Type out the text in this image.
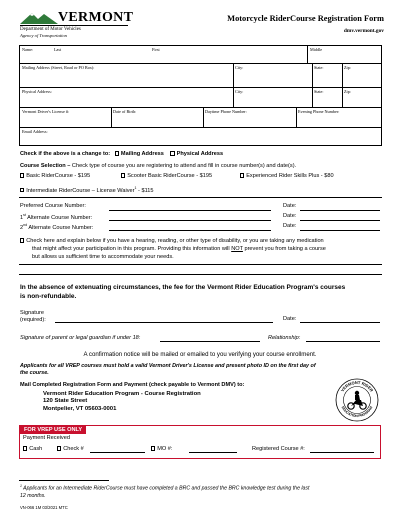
VERMONT
Department of Motor Vehicles
Agency of Transportation
Motorcycle RiderCourse Registration Form
dmv.vermont.gov
Name:	Last	First	Middle
Mailing Address (Street, Road or PO Box):	City:	State:	Zip:
Physical Address:	City:	State:	Zip:
Vermont Driver's License #:	Date of Birth:	Daytime Phone Number:	Evening Phone Number:
Email Address:
Check if the above is a change to: Mailing Address Physical Address
Course Selection – Check type of course you are registering to attend and fill in course number(s) and date(s).
Basic RiderCourse - $195	Scooter Basic RiderCourse - $195	Experienced Rider Skills Plus - $80
Intermediate RiderCourse – License Waiver$^1$ - $115
Preferred Course Number:	Date:
1st Alternate Course Number:	Date:
2nd Alternate Course Number:	Date:
Check here and explain below if you have a hearing, reading, or other type of disability, or you are taking any medication
that might affect your participation in this program. Providing this information will NOT prevent you from taking a course
but allows us sufficient time to accommodate your needs.
In the absence of extenuating circumstances, the fee for the Vermont Rider Education Program's courses
is non-refundable.
Signature
(required):	Date:
Signature of parent or legal guardian if under 18:	Relationship:
A confirmation notice will be mailed or emailed to you verifying your course enrollment.
Applicants for all VREP courses must hold a valid Vermont Driver's License and present photo ID on the first day of
the course.
Mail Completed Registration Form and Payment (check payable to Vermont DMV) to:
Vermont Rider Education Program - Course Registration
120 State Street
Montpelier, VT 05603-0001
VERMONT RIDER
EDUCATION PROGRAM
FOR VREP USE ONLY
Payment Received
Cash	Check #	MO #:	Registered Course #:
$^1$ Applicants for an Intermediate RiderCourse must have completed a BRC and passed the BRC knowledge test during the last
12 months.
VN-066 1M 03/2021 MTC
